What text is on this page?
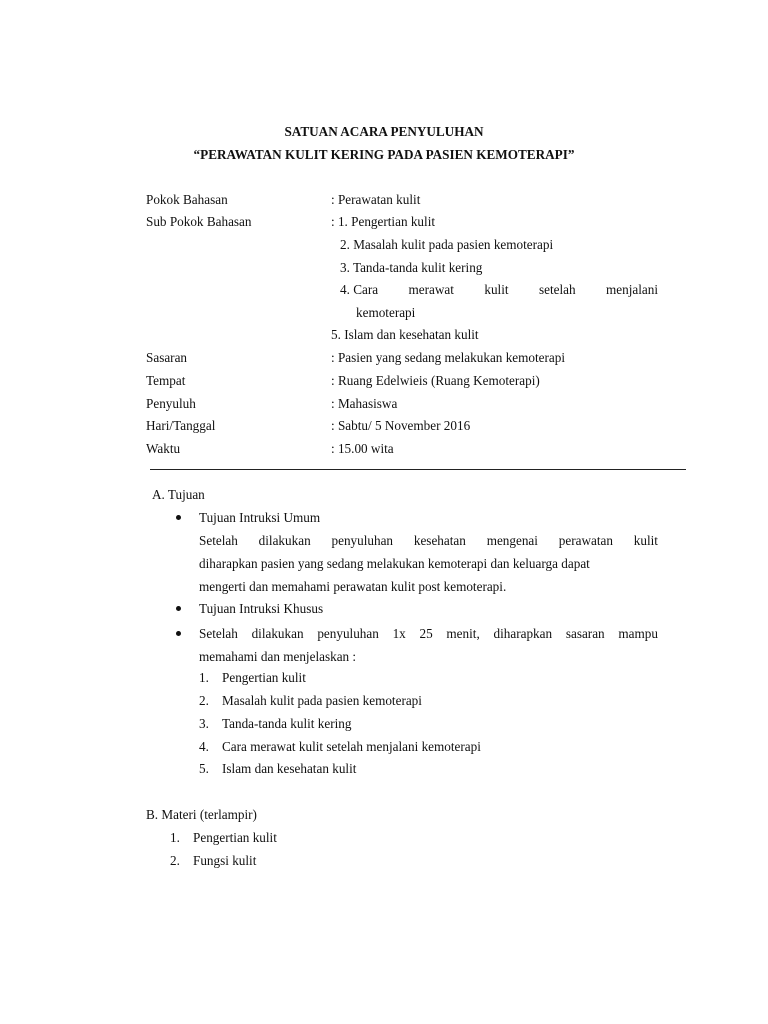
SATUAN ACARA PENYULUHAN
“PERAWATAN KULIT KERING PADA PASIEN KEMOTERAPI”
Pokok Bahasan	: Perawatan kulit
Sub Pokok Bahasan	: 1. Pengertian kulit
2. Masalah kulit pada pasien kemoterapi
3. Tanda-tanda kulit kering
4. Cara merawat kulit setelah menjalani
kemoterapi
5. Islam dan kesehatan kulit
Sasaran	: Pasien yang sedang melakukan kemoterapi
Tempat	: Ruang Edelwieis (Ruang Kemoterapi)
Penyuluh	: Mahasiswa
Hari/Tanggal	: Sabtu/ 5 November 2016
Waktu	: 15.00 wita
A. Tujuan
Tujuan Intruksi Umum
Setelah dilakukan penyuluhan kesehatan mengenai perawatan kulit
diharapkan pasien yang sedang melakukan kemoterapi dan keluarga dapat
mengerti dan memahami perawatan kulit post kemoterapi.
Tujuan Intruksi Khusus
Setelah dilakukan penyuluhan 1x 25 menit, diharapkan sasaran mampu
memahami dan menjelaskan :
1. Pengertian kulit
2. Masalah kulit pada pasien kemoterapi
3. Tanda-tanda kulit kering
4. Cara merawat kulit setelah menjalani kemoterapi
5. Islam dan kesehatan kulit
B. Materi (terlampir)
1. Pengertian kulit
2. Fungsi kulit
